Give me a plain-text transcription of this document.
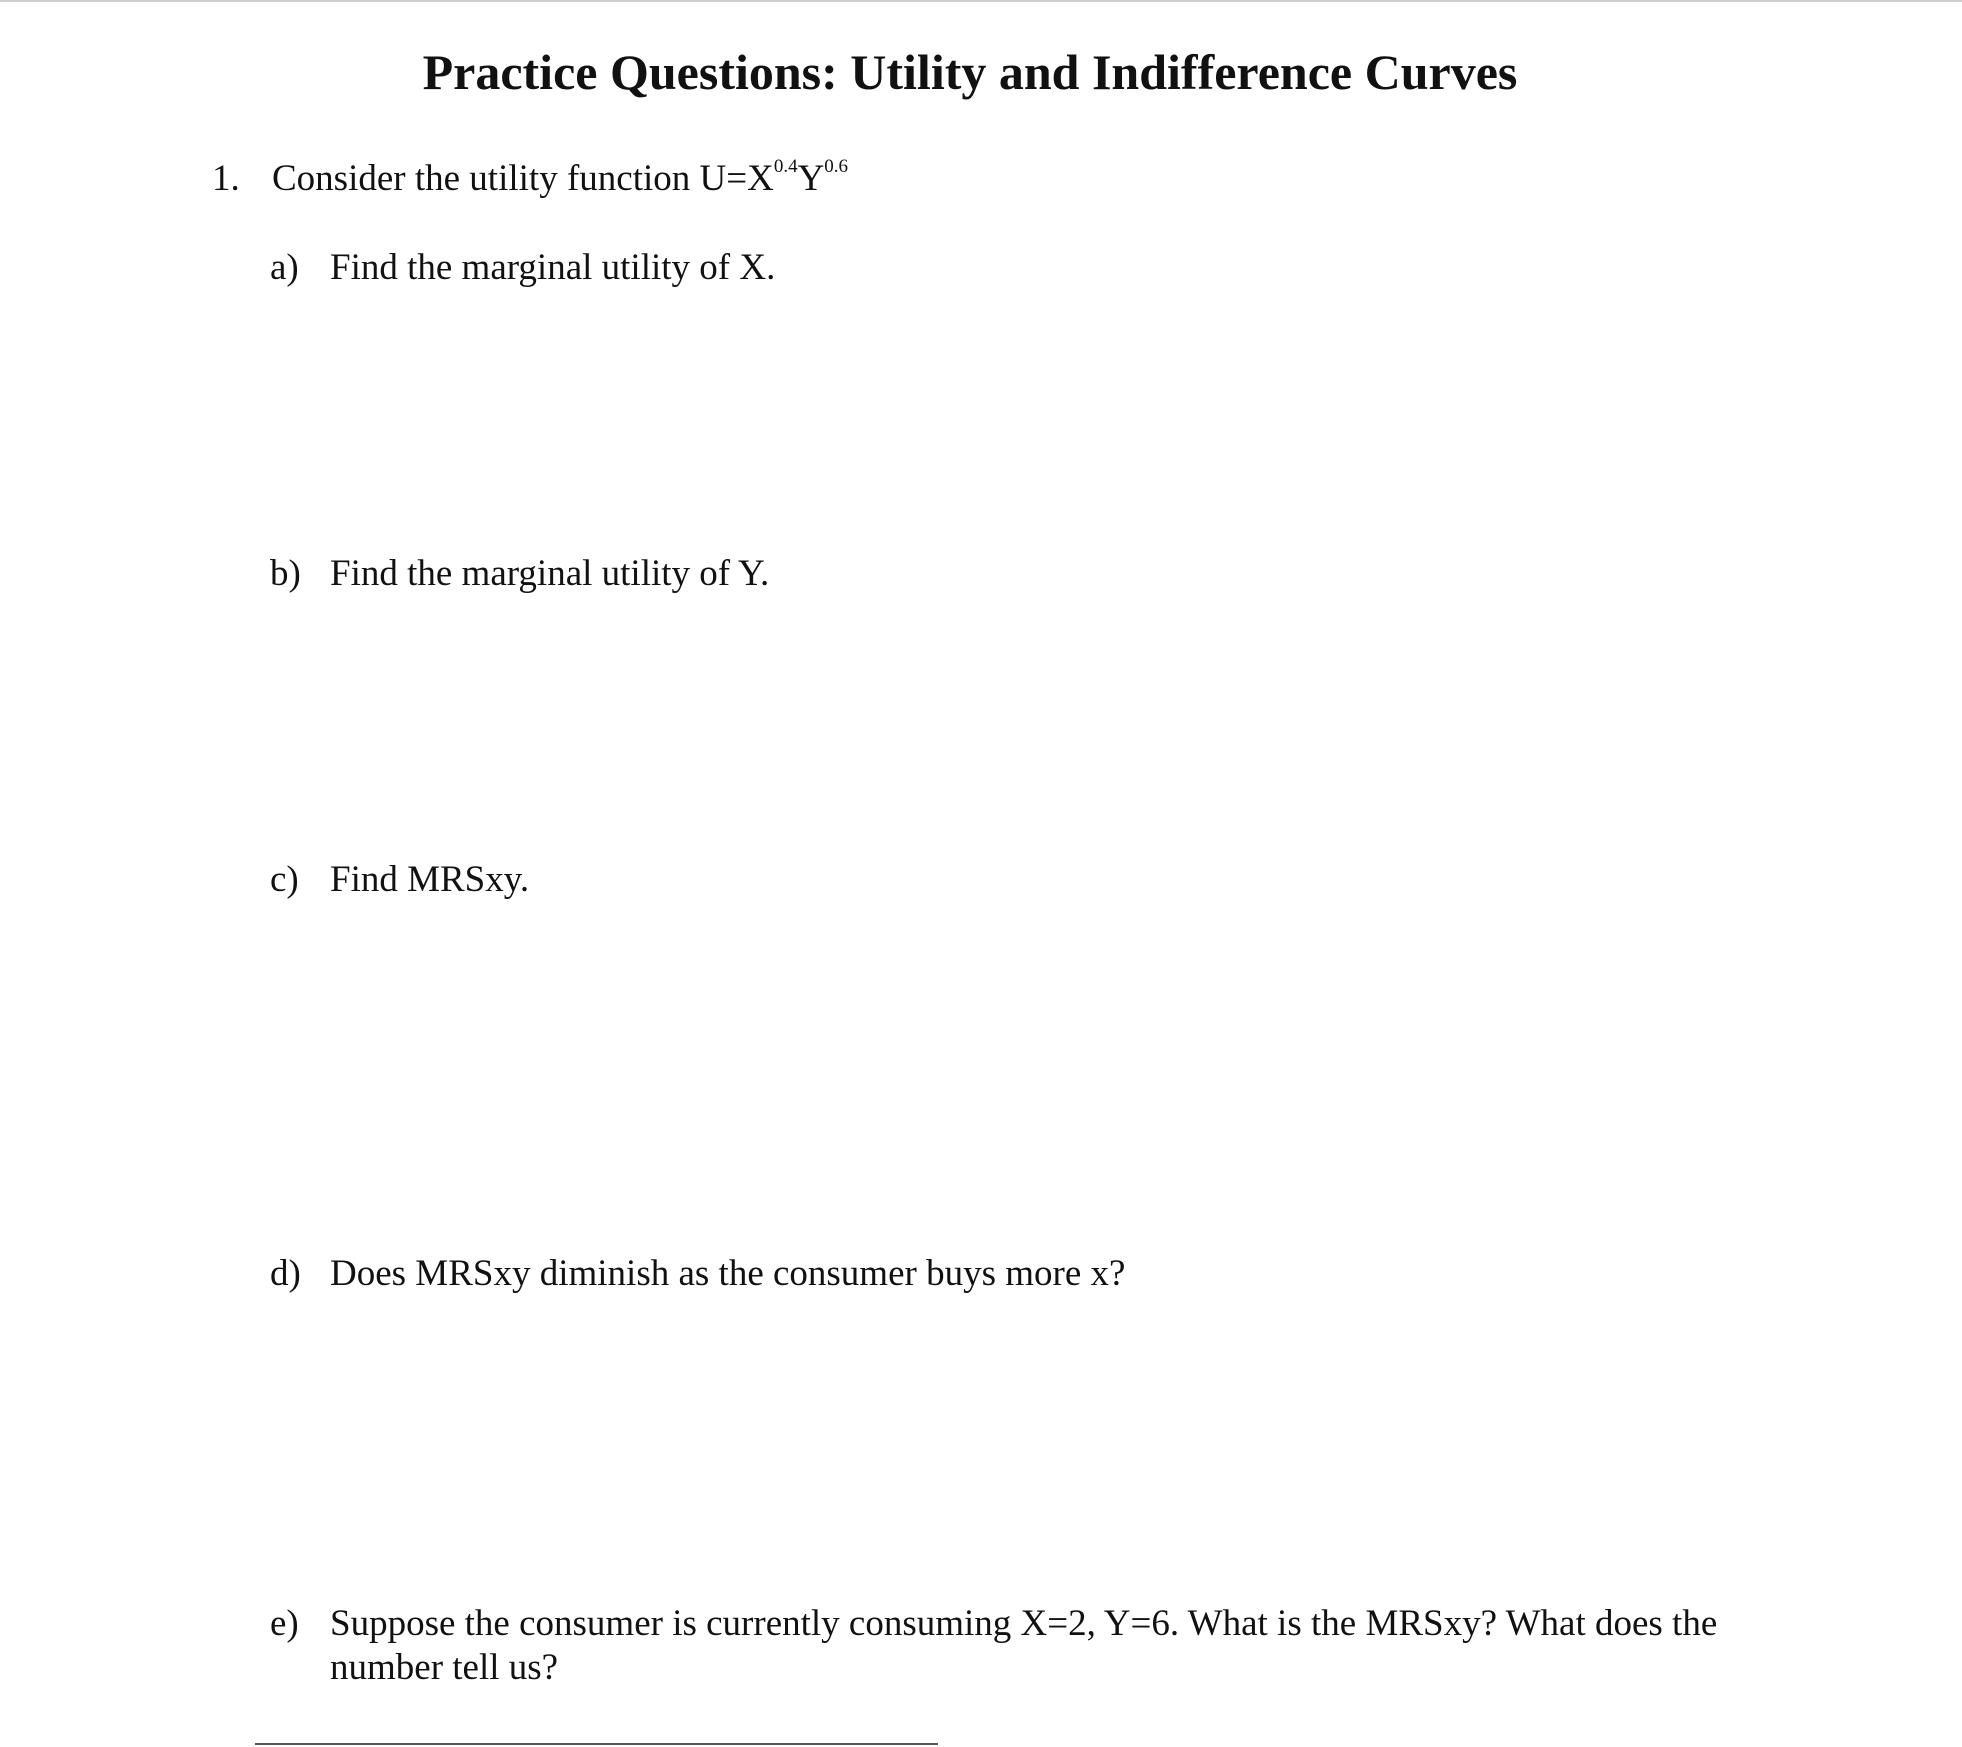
Practice Questions: Utility and Indifference Curves
1. Consider the utility function $U=X^{0.4}Y^{0.6}$
a) Find the marginal utility of X.
b) Find the marginal utility of Y.
c) Find MRSxy.
d) Does MRSxy diminish as the consumer buys more x?
e) Suppose the consumer is currently consuming X=2, Y=6. What is the MRSxy? What does the number tell us?
